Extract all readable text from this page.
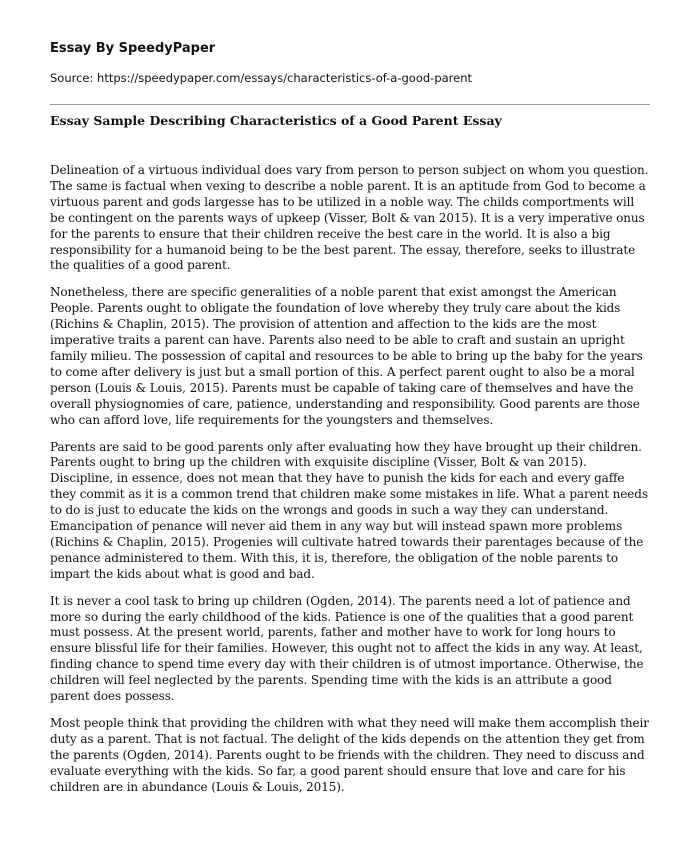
Essay By SpeedyPaper

Source: https://speedypaper.com/essays/characteristics-of-a-good-parent

Essay Sample Describing Characteristics of a Good Parent Essay

Delineation of a virtuous individual does vary from person to person subject on whom you question. The same is factual when vexing to describe a noble parent. It is an aptitude from God to become a virtuous parent and gods largesse has to be utilized in a noble way. The childs comportments will be contingent on the parents ways of upkeep (Visser, Bolt & van 2015). It is a very imperative onus for the parents to ensure that their children receive the best care in the world. It is also a big responsibility for a humanoid being to be the best parent. The essay, therefore, seeks to illustrate the qualities of a good parent.

Nonetheless, there are specific generalities of a noble parent that exist amongst the American People. Parents ought to obligate the foundation of love whereby they truly care about the kids (Richins & Chaplin, 2015). The provision of attention and affection to the kids are the most imperative traits a parent can have. Parents also need to be able to craft and sustain an upright family milieu. The possession of capital and resources to be able to bring up the baby for the years to come after delivery is just but a small portion of this. A perfect parent ought to also be a moral person (Louis & Louis, 2015). Parents must be capable of taking care of themselves and have the overall physiognomies of care, patience, understanding and responsibility. Good parents are those who can afford love, life requirements for the youngsters and themselves.

Parents are said to be good parents only after evaluating how they have brought up their children. Parents ought to bring up the children with exquisite discipline (Visser, Bolt & van 2015). Discipline, in essence, does not mean that they have to punish the kids for each and every gaffe they commit as it is a common trend that children make some mistakes in life. What a parent needs to do is just to educate the kids on the wrongs and goods in such a way they can understand. Emancipation of penance will never aid them in any way but will instead spawn more problems (Richins & Chaplin, 2015). Progenies will cultivate hatred towards their parentages because of the penance administered to them. With this, it is, therefore, the obligation of the noble parents to impart the kids about what is good and bad.

It is never a cool task to bring up children (Ogden, 2014). The parents need a lot of patience and more so during the early childhood of the kids. Patience is one of the qualities that a good parent must possess. At the present world, parents, father and mother have to work for long hours to ensure blissful life for their families. However, this ought not to affect the kids in any way. At least, finding chance to spend time every day with their children is of utmost importance. Otherwise, the children will feel neglected by the parents. Spending time with the kids is an attribute a good parent does possess.

Most people think that providing the children with what they need will make them accomplish their duty as a parent. That is not factual. The delight of the kids depends on the attention they get from the parents (Ogden, 2014). Parents ought to be friends with the children. They need to discuss and evaluate everything with the kids. So far, a good parent should ensure that love and care for his children are in abundance (Louis & Louis, 2015).
